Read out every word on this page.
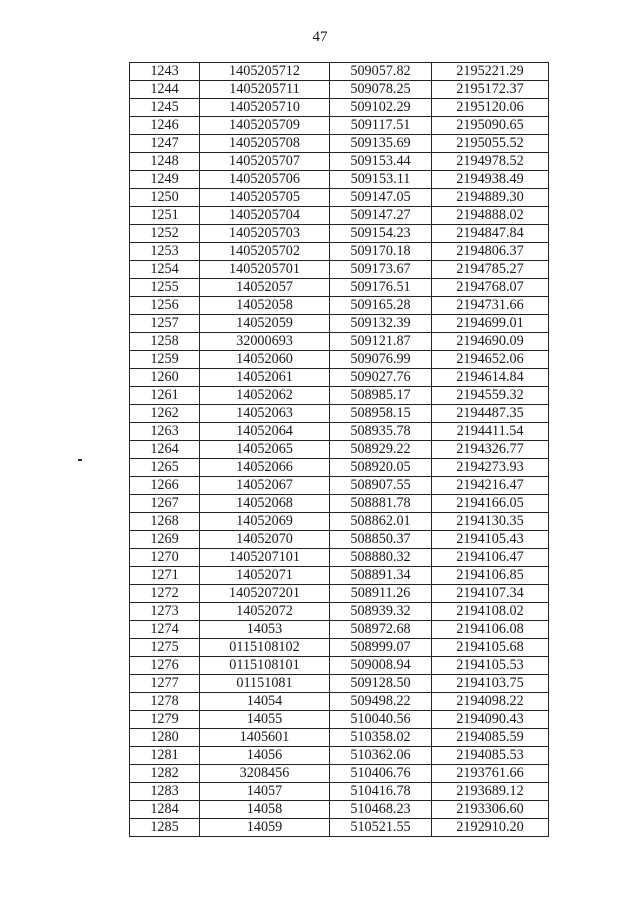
47
1243	1405205712	509057.82	2195221.29
1244	1405205711	509078.25	2195172.37
1245	1405205710	509102.29	2195120.06
1246	1405205709	509117.51	2195090.65
1247	1405205708	509135.69	2195055.52
1248	1405205707	509153.44	2194978.52
1249	1405205706	509153.11	2194938.49
1250	1405205705	509147.05	2194889.30
1251	1405205704	509147.27	2194888.02
1252	1405205703	509154.23	2194847.84
1253	1405205702	509170.18	2194806.37
1254	1405205701	509173.67	2194785.27
1255	14052057	509176.51	2194768.07
1256	14052058	509165.28	2194731.66
1257	14052059	509132.39	2194699.01
1258	32000693	509121.87	2194690.09
1259	14052060	509076.99	2194652.06
1260	14052061	509027.76	2194614.84
1261	14052062	508985.17	2194559.32
1262	14052063	508958.15	2194487.35
1263	14052064	508935.78	2194411.54
1264	14052065	508929.22	2194326.77
1265	14052066	508920.05	2194273.93
1266	14052067	508907.55	2194216.47
1267	14052068	508881.78	2194166.05
1268	14052069	508862.01	2194130.35
1269	14052070	508850.37	2194105.43
1270	1405207101	508880.32	2194106.47
1271	14052071	508891.34	2194106.85
1272	1405207201	508911.26	2194107.34
1273	14052072	508939.32	2194108.02
1274	14053	508972.68	2194106.08
1275	0115108102	508999.07	2194105.68
1276	0115108101	509008.94	2194105.53
1277	01151081	509128.50	2194103.75
1278	14054	509498.22	2194098.22
1279	14055	510040.56	2194090.43
1280	1405601	510358.02	2194085.59
1281	14056	510362.06	2194085.53
1282	3208456	510406.76	2193761.66
1283	14057	510416.78	2193689.12
1284	14058	510468.23	2193306.60
1285	14059	510521.55	2192910.20
